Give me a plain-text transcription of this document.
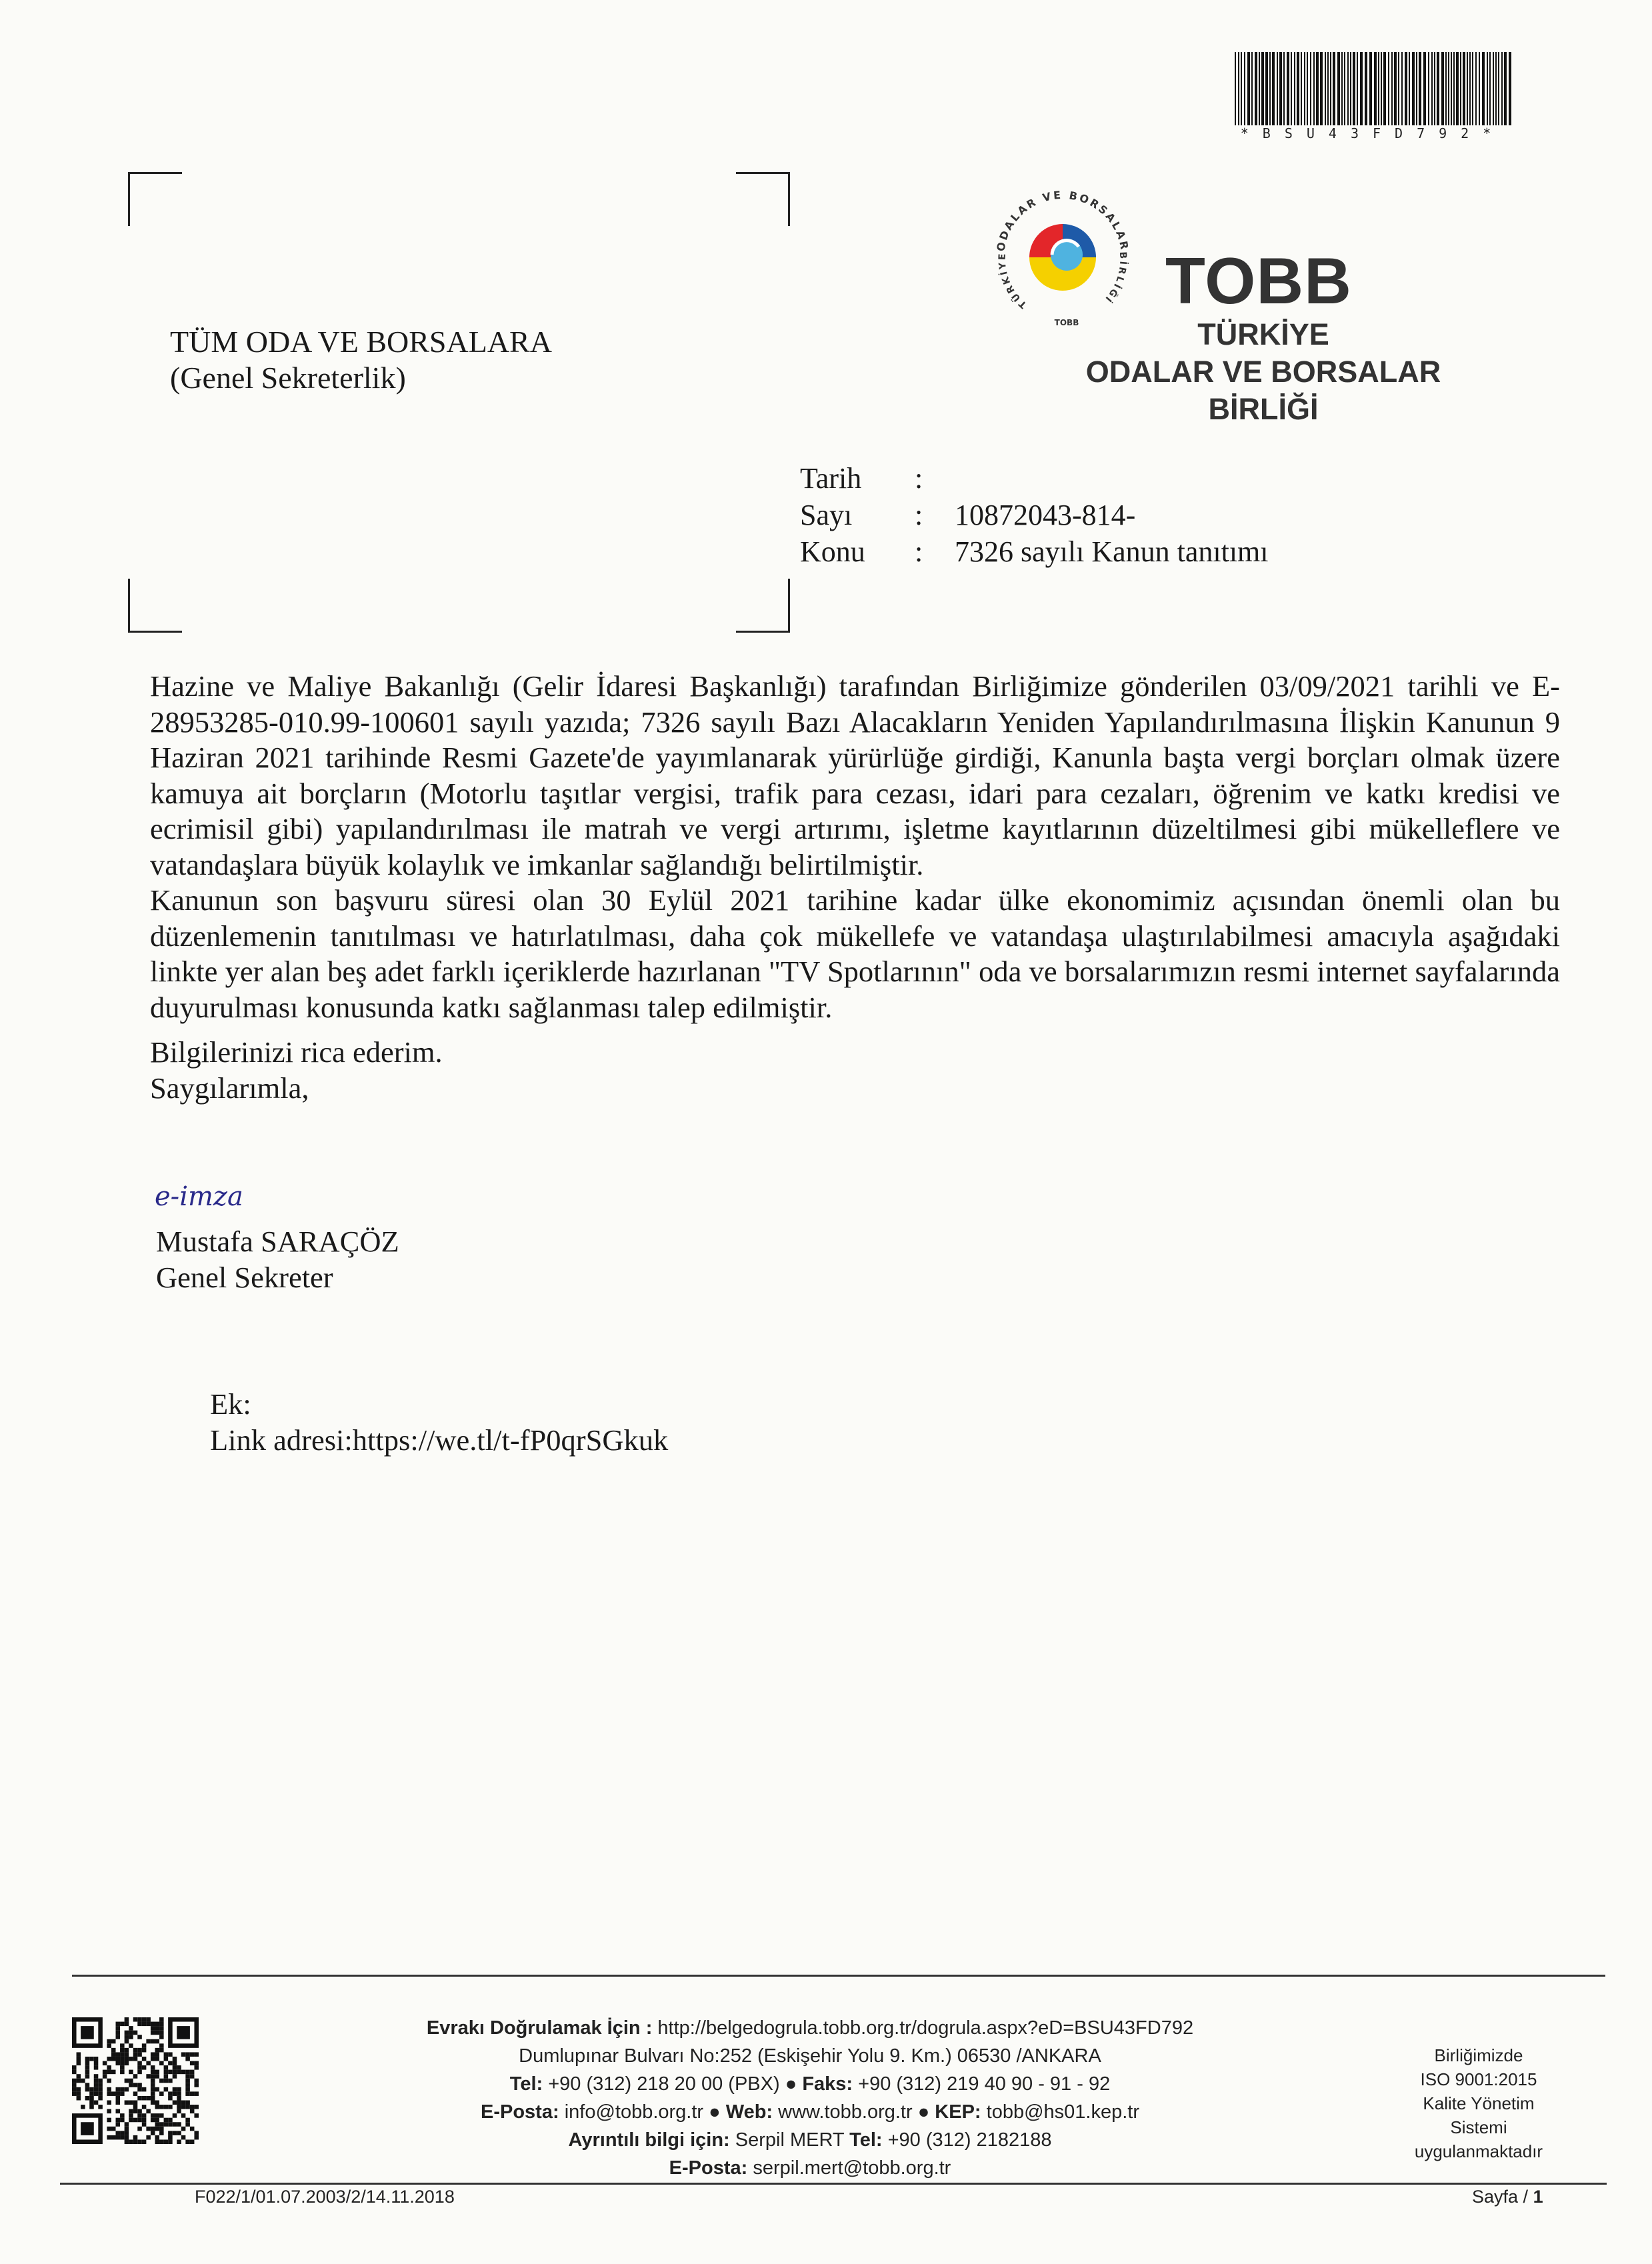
*BSU43FD792*
TÜM ODA VE BORSALARA
(Genel Sekreterlik)
ODALAR VE BORSALAR
TÜRKİYE	BİRLİĞİ
TOBB
TOBB
TÜRKİYE
ODALAR VE BORSALAR
BİRLİĞİ
Tarih :
Sayı : 10872043-814-
Konu : 7326 sayılı Kanun tanıtımı

Hazine ve Maliye Bakanlığı (Gelir İdaresi Başkanlığı) tarafından Birliğimize gönderilen 03/09/2021 tarihli ve E-28953285-010.99-100601 sayılı yazıda; 7326 sayılı Bazı Alacakların Yeniden Yapılandırılmasına İlişkin Kanunun 9 Haziran 2021 tarihinde Resmi Gazete'de yayımlanarak yürürlüğe girdiği, Kanunla başta vergi borçları olmak üzere kamuya ait borçların (Motorlu taşıtlar vergisi, trafik para cezası, idari para cezaları, öğrenim ve katkı kredisi ve ecrimisil gibi) yapılandırılması ile matrah ve vergi artırımı, işletme kayıtlarının düzeltilmesi gibi mükelleflere ve vatandaşlara büyük kolaylık ve imkanlar sağlandığı belirtilmiştir.

Kanunun son başvuru süresi olan 30 Eylül 2021 tarihine kadar ülke ekonomimiz açısından önemli olan bu düzenlemenin tanıtılması ve hatırlatılması, daha çok mükellefe ve vatandaşa ulaştırılabilmesi amacıyla aşağıdaki linkte yer alan beş adet farklı içeriklerde hazırlanan "TV Spotlarının" oda ve borsalarımızın resmi internet sayfalarında duyurulması konusunda katkı sağlanması talep edilmiştir.

Bilgilerinizi rica ederim.
Saygılarımla,
e-imza
Mustafa SARAÇÖZ
Genel Sekreter
Ek:
Link adresi:https://we.tl/t-fP0qrSGkuk
Evrakı Doğrulamak İçin : http://belgedogrula.tobb.org.tr/dogrula.aspx?eD=BSU43FD792
Dumlupınar Bulvarı No:252 (Eskişehir Yolu 9. Km.) 06530 /ANKARA
Tel: +90 (312) 218 20 00 (PBX) ● Faks: +90 (312) 219 40 90 - 91 - 92
E-Posta: info@tobb.org.tr ● Web: www.tobb.org.tr ● KEP: tobb@hs01.kep.tr
Ayrıntılı bilgi için: Serpil MERT Tel: +90 (312) 2182188
E-Posta: serpil.mert@tobb.org.tr
Birliğimizde
ISO 9001:2015
Kalite Yönetim
Sistemi
uygulanmaktadır
F022/1/01.07.2003/2/14.11.2018	Sayfa / 1
